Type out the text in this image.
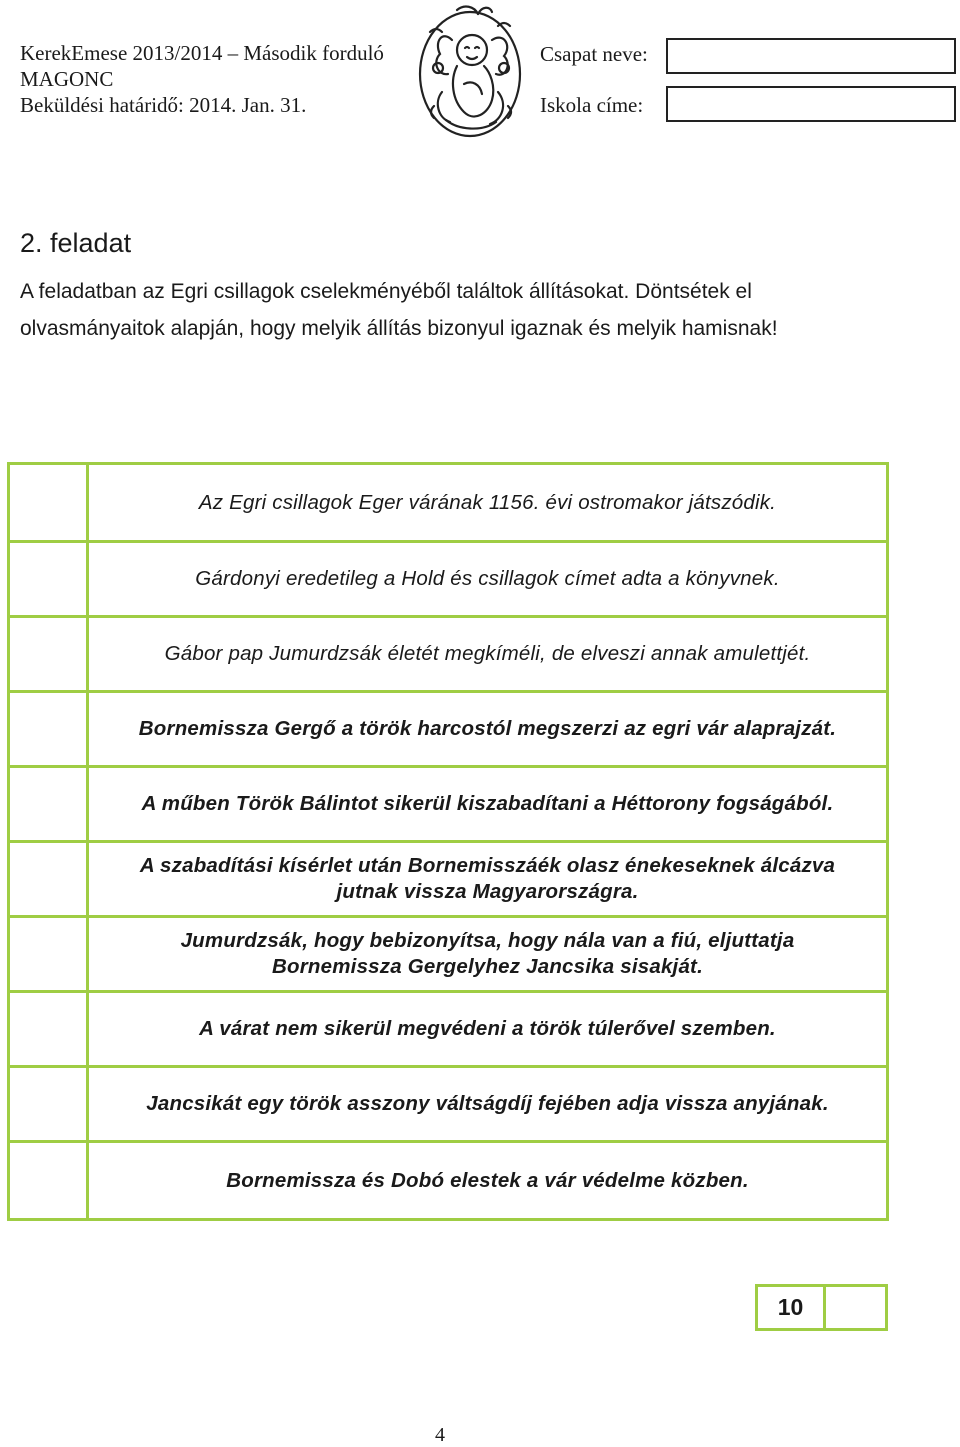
KerekEmese 2013/2014 – Második forduló
MAGONC
Beküldési határidő: 2014. Jan. 31.
Csapat neve:
Iskola címe:
2. feladat
A feladatban az Egri csillagok cselekményéből találtok állításokat. Döntsétek el olvasmányaitok alapján, hogy melyik állítás bizonyul igaznak és melyik hamisnak!
	Az Egri csillagok Eger várának 1156. évi ostromakor játszódik.
	Gárdonyi eredetileg a Hold és csillagok címet adta a könyvnek.
	Gábor pap Jumurdzsák életét megkíméli, de elveszi annak amulettjét.
	Bornemissza Gergő a török harcostól megszerzi az egri vár alaprajzát.
	A műben Török Bálintot sikerül kiszabadítani a Héttorony fogságából.
	A szabadítási kísérlet után Bornemisszáék olasz énekeseknek álcázva jutnak vissza Magyarországra.
	Jumurdzsák, hogy bebizonyítsa, hogy nála van a fiú, eljuttatja Bornemissza Gergelyhez Jancsika sisakját.
	A várat nem sikerül megvédeni a török túlerővel szemben.
	Jancsikát egy török asszony váltságdíj fejében adja vissza anyjának.
	Bornemissza és Dobó elestek a vár védelme közben.
10
4
